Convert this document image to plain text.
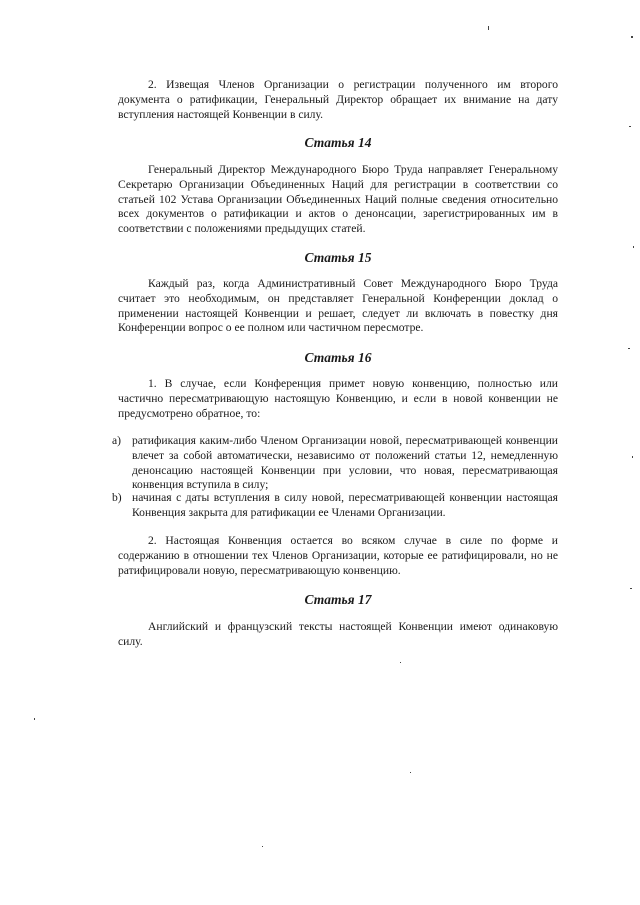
2. Извещая Членов Организации о регистрации полученного им второго документа о ратификации, Генеральный Директор обращает их внимание на дату вступления настоящей Конвенции в силу.

Статья 14

Генеральный Директор Международного Бюро Труда направляет Генеральному Секретарю Организации Объединенных Наций для регистрации в соответствии со статьей 102 Устава Организации Объединенных Наций полные сведения относительно всех документов о ратификации и актов о денонсации, зарегистрированных им в соответствии с положениями предыдущих статей.

Статья 15

Каждый раз, когда Административный Совет Международного Бюро Труда считает это необходимым, он представляет Генеральной Конференции доклад о применении настоящей Конвенции и решает, следует ли включать в повестку дня Конференции вопрос о ее полном или частичном пересмотре.

Статья 16

1. В случае, если Конференция примет новую конвенцию, полностью или частично пересматривающую настоящую Конвенцию, и если в новой конвенции не предусмотрено обратное, то:

a) ратификация каким-либо Членом Организации новой, пересматривающей конвенции влечет за собой автоматически, независимо от положений статьи 12, немедленную денонсацию настоящей Конвенции при условии, что новая, пересматривающая конвенция вступила в силу;
b) начиная с даты вступления в силу новой, пересматривающей конвенции настоящая Конвенция закрыта для ратификации ее Членами Организации.

2. Настоящая Конвенция остается во всяком случае в силе по форме и содержанию в отношении тех Членов Организации, которые ее ратифицировали, но не ратифицировали новую, пересматривающую конвенцию.

Статья 17

Английский и французский тексты настоящей Конвенции имеют одинаковую силу.
